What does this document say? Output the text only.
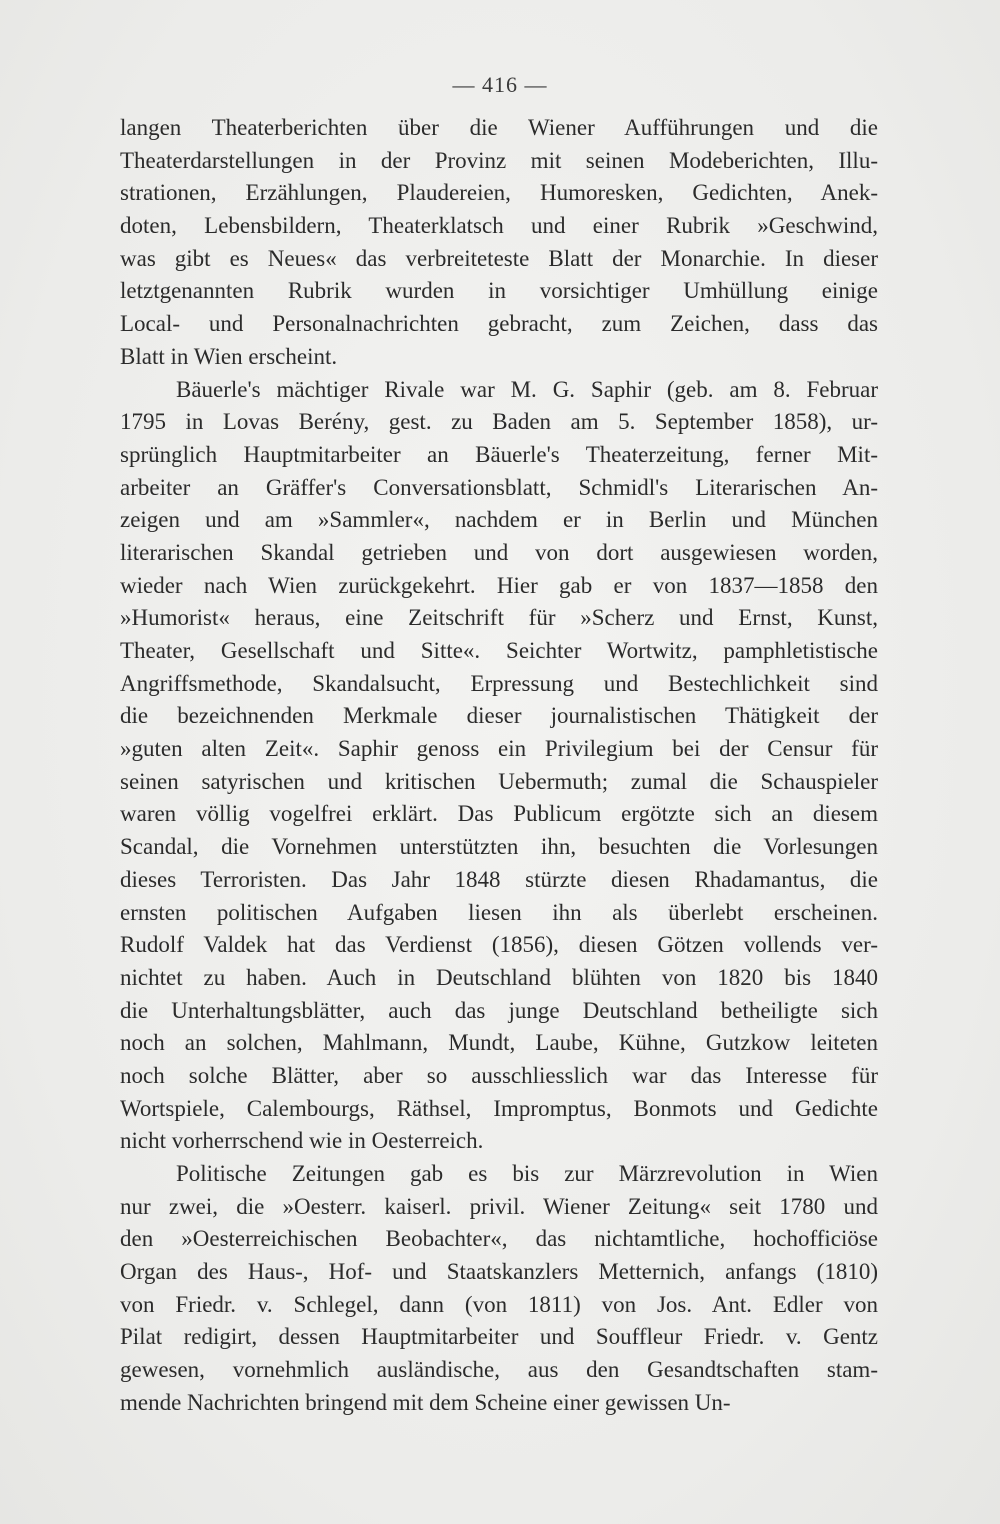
— 416 —
langen Theaterberichten über die Wiener Aufführungen und die
Theaterdarstellungen in der Provinz mit seinen Modeberichten, Illu-
strationen, Erzählungen, Plaudereien, Humoresken, Gedichten, Anek-
doten, Lebensbildern, Theaterklatsch und einer Rubrik »Geschwind,
was gibt es Neues« das verbreiteteste Blatt der Monarchie. In dieser
letztgenannten Rubrik wurden in vorsichtiger Umhüllung einige
Local- und Personalnachrichten gebracht, zum Zeichen, dass das
Blatt in Wien erscheint.
Bäuerle's mächtiger Rivale war M. G. Saphir (geb. am 8. Februar
1795 in Lovas Berény, gest. zu Baden am 5. September 1858), ur-
sprünglich Hauptmitarbeiter an Bäuerle's Theaterzeitung, ferner Mit-
arbeiter an Gräffer's Conversationsblatt, Schmidl's Literarischen An-
zeigen und am »Sammler«, nachdem er in Berlin und München
literarischen Skandal getrieben und von dort ausgewiesen worden,
wieder nach Wien zurückgekehrt. Hier gab er von 1837—1858 den
»Humorist« heraus, eine Zeitschrift für »Scherz und Ernst, Kunst,
Theater, Gesellschaft und Sitte«. Seichter Wortwitz, pamphletistische
Angriffsmethode, Skandalsucht, Erpressung und Bestechlichkeit sind
die bezeichnenden Merkmale dieser journalistischen Thätigkeit der
»guten alten Zeit«. Saphir genoss ein Privilegium bei der Censur für
seinen satyrischen und kritischen Uebermuth; zumal die Schauspieler
waren völlig vogelfrei erklärt. Das Publicum ergötzte sich an diesem
Scandal, die Vornehmen unterstützten ihn, besuchten die Vorlesungen
dieses Terroristen. Das Jahr 1848 stürzte diesen Rhadamantus, die
ernsten politischen Aufgaben liesen ihn als überlebt erscheinen.
Rudolf Valdek hat das Verdienst (1856), diesen Götzen vollends ver-
nichtet zu haben. Auch in Deutschland blühten von 1820 bis 1840
die Unterhaltungsblätter, auch das junge Deutschland betheiligte sich
noch an solchen, Mahlmann, Mundt, Laube, Kühne, Gutzkow leiteten
noch solche Blätter, aber so ausschliesslich war das Interesse für
Wortspiele, Calembourgs, Räthsel, Impromptus, Bonmots und Gedichte
nicht vorherrschend wie in Oesterreich.
Politische Zeitungen gab es bis zur Märzrevolution in Wien
nur zwei, die »Oesterr. kaiserl. privil. Wiener Zeitung« seit 1780 und
den »Oesterreichischen Beobachter«, das nichtamtliche, hochofficiöse
Organ des Haus-, Hof- und Staatskanzlers Metternich, anfangs (1810)
von Friedr. v. Schlegel, dann (von 1811) von Jos. Ant. Edler von
Pilat redigirt, dessen Hauptmitarbeiter und Souffleur Friedr. v. Gentz
gewesen, vornehmlich ausländische, aus den Gesandtschaften stam-
mende Nachrichten bringend mit dem Scheine einer gewissen Un-
